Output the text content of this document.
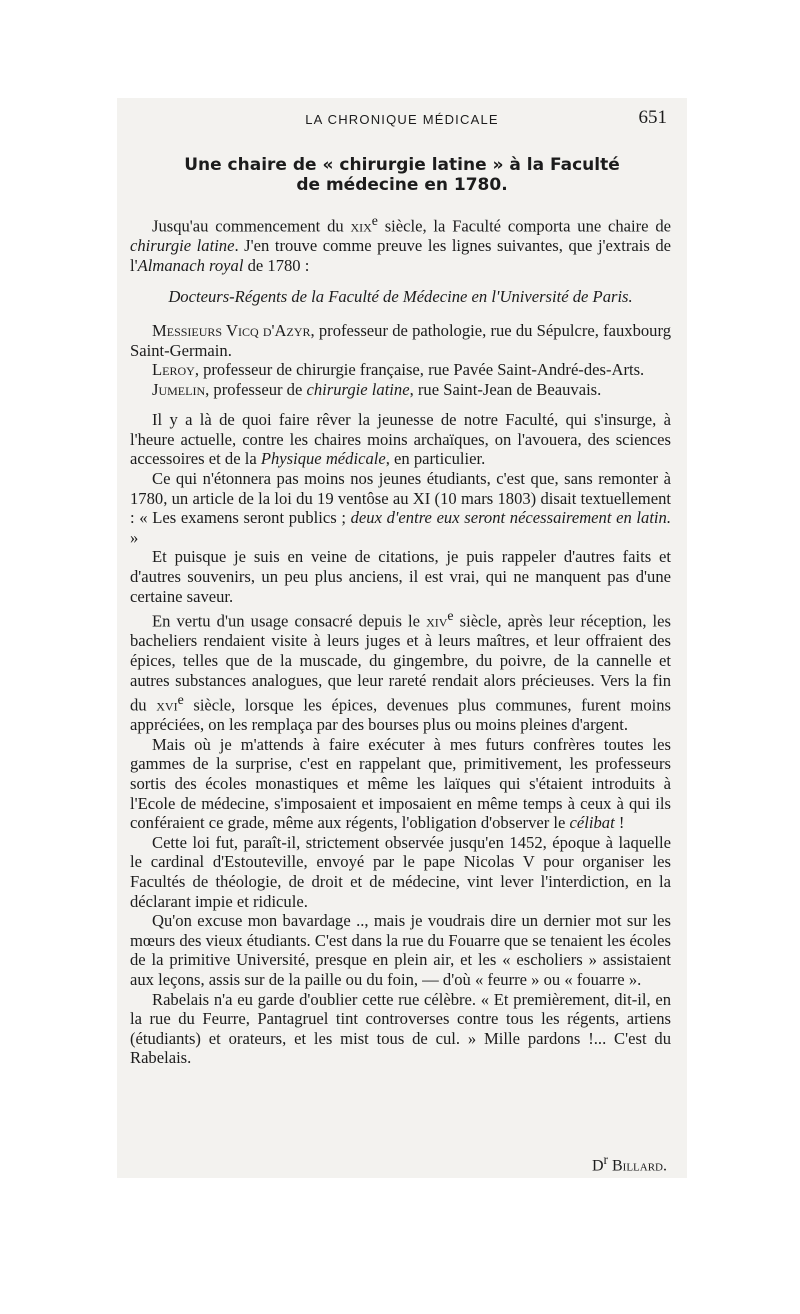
LA CHRONIQUE MÉDICALE	651
Une chaire de « chirurgie latine » à la Faculté
de médecine en 1780.

Jusqu'au commencement du xix$^e$ siècle, la Faculté comporta une chaire de chirurgie latine. J'en trouve comme preuve les lignes suivantes, que j'extrais de l'Almanach royal de 1780 :

Docteurs-Régents de la Faculté de Médecine en l'Université de Paris.

Messieurs Vicq d'Azyr, professeur de pathologie, rue du Sépulcre, fauxbourg Saint-Germain.

Leroy, professeur de chirurgie française, rue Pavée Saint-André-des-Arts.

Jumelin, professeur de chirurgie latine, rue Saint-Jean de Beauvais.

Il y a là de quoi faire rêver la jeunesse de notre Faculté, qui s'insurge, à l'heure actuelle, contre les chaires moins archaïques, on l'avouera, des sciences accessoires et de la Physique médicale, en particulier.

Ce qui n'étonnera pas moins nos jeunes étudiants, c'est que, sans remonter à 1780, un article de la loi du 19 ventôse au XI (10 mars 1803) disait textuellement : « Les examens seront publics ; deux d'entre eux seront nécessairement en latin. »

Et puisque je suis en veine de citations, je puis rappeler d'autres faits et d'autres souvenirs, un peu plus anciens, il est vrai, qui ne manquent pas d'une certaine saveur.

En vertu d'un usage consacré depuis le xiv$^e$ siècle, après leur réception, les bacheliers rendaient visite à leurs juges et à leurs maîtres, et leur offraient des épices, telles que de la muscade, du gingembre, du poivre, de la cannelle et autres substances analogues, que leur rareté rendait alors précieuses. Vers la fin du xvi$^e$ siècle, lorsque les épices, devenues plus communes, furent moins appréciées, on les remplaça par des bourses plus ou moins pleines d'argent.

Mais où je m'attends à faire exécuter à mes futurs confrères toutes les gammes de la surprise, c'est en rappelant que, primitivement, les professeurs sortis des écoles monastiques et même les laïques qui s'étaient introduits à l'Ecole de médecine, s'imposaient et imposaient en même temps à ceux à qui ils conféraient ce grade, même aux régents, l'obligation d'observer le célibat !

Cette loi fut, paraît-il, strictement observée jusqu'en 1452, époque à laquelle le cardinal d'Estouteville, envoyé par le pape Nicolas V pour organiser les Facultés de théologie, de droit et de médecine, vint lever l'interdiction, en la déclarant impie et ridicule.

Qu'on excuse mon bavardage .., mais je voudrais dire un dernier mot sur les mœurs des vieux étudiants. C'est dans la rue du Fouarre que se tenaient les écoles de la primitive Université, presque en plein air, et les « escholiers » assistaient aux leçons, assis sur de la paille ou du foin, — d'où « feurre » ou « fouarre ».

Rabelais n'a eu garde d'oublier cette rue célèbre. « Et premièrement, dit-il, en la rue du Feurre, Pantagruel tint controverses contre tous les régents, artiens (étudiants) et orateurs, et les mist tous de cul. » Mille pardons !... C'est du Rabelais.

$D^r$ Billard.
